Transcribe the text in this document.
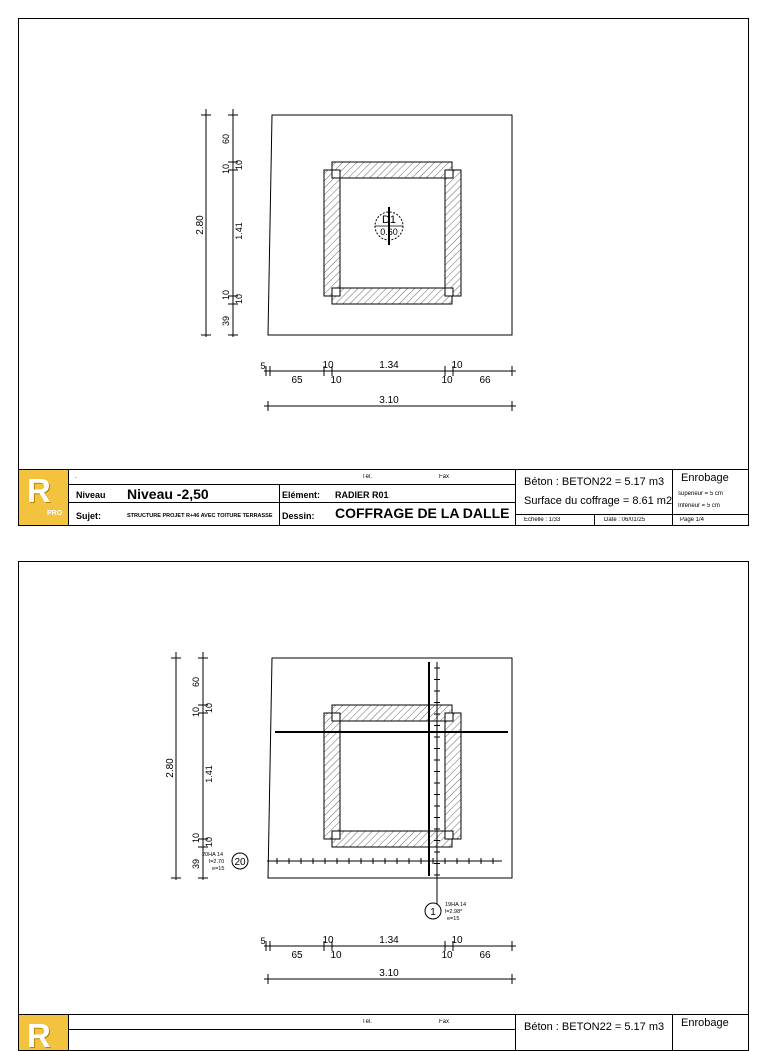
D1
0.60
2.80
60
10 10
1.41
10 10
39
5
65
10
10
1.34	10
10	66
3.10
R
PRO
.	Tél.	Fax
Niveau Niveau -2,50	Elément: RADIER R01
Sujet:	STRUCTURE PROJET R+46 AVEC TOITURE TERRASSE Dessin: COFFRAGE DE LA DALLE
Béton : BETON22 = 5.17 m3
Surface du coffrage = 8.61 m2
Echelle : 1/33	Date : 06/01/25	Page 1/4
Enrobage
supérieur = 5 cm
Inférieur = 5 cm
20
20HA 14
l=2.70
e=15
1
19HA 14
l=2.98*
e=15
2.80
60
10 10
1.41
10 10
39
5
65
10
10
1.34	10
10	66
3.10
R	Tél.	Fax	Béton : BETON22 = 5.17 m3 Enrobage
